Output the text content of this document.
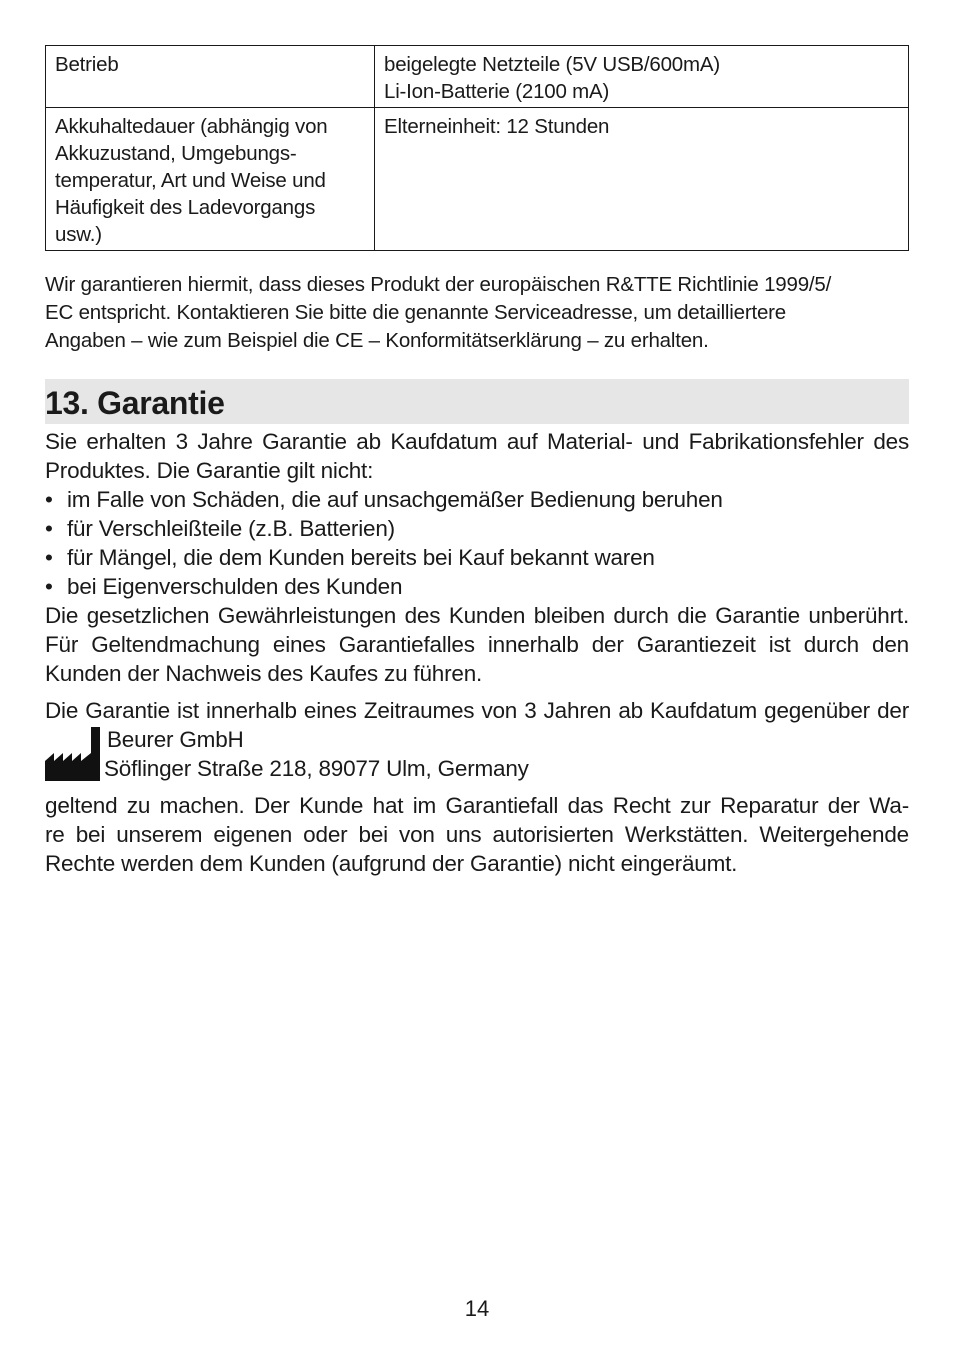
Betrieb	beigelegte Netzteile (5V USB/600mA)
Li-Ion-Batterie (2100 mA)

Akkuhaltedauer (abhängig von
Akkuzustand, Umgebungs-
temperatur, Art und Weise und
Häufigkeit des Ladevorgangs
usw.)	Elterneinheit: 12 Stunden
Wir garantieren hiermit, dass dieses Produkt der europäischen R&TTE Richtlinie 1999/5/
EC entspricht. Kontaktieren Sie bitte die genannte Serviceadresse, um detailliertere
Angaben – wie zum Beispiel die CE – Konformitätserklärung – zu erhalten.
13. Garantie
Sie erhalten 3 Jahre Garantie ab Kaufdatum auf Material- und Fabrikationsfehler des
Produktes. Die Garantie gilt nicht:
• im Falle von Schäden, die auf unsachgemäßer Bedienung beruhen
• für Verschleißteile (z.B. Batterien)
• für Mängel, die dem Kunden bereits bei Kauf bekannt waren
• bei Eigenverschulden des Kunden
Die gesetzlichen Gewährleistungen des Kunden bleiben durch die Garantie unberührt.
Für Geltendmachung eines Garantiefalles innerhalb der Garantiezeit ist durch den
Kunden der Nachweis des Kaufes zu führen.
Die Garantie ist innerhalb eines Zeitraumes von 3 Jahren ab Kaufdatum gegenüber der
Beurer GmbH
Söflinger Straße 218, 89077 Ulm, Germany
geltend zu machen. Der Kunde hat im Garantiefall das Recht zur Reparatur der Wa-
re bei unserem eigenen oder bei von uns autorisierten Werkstätten. Weitergehende
Rechte werden dem Kunden (aufgrund der Garantie) nicht eingeräumt.
14
